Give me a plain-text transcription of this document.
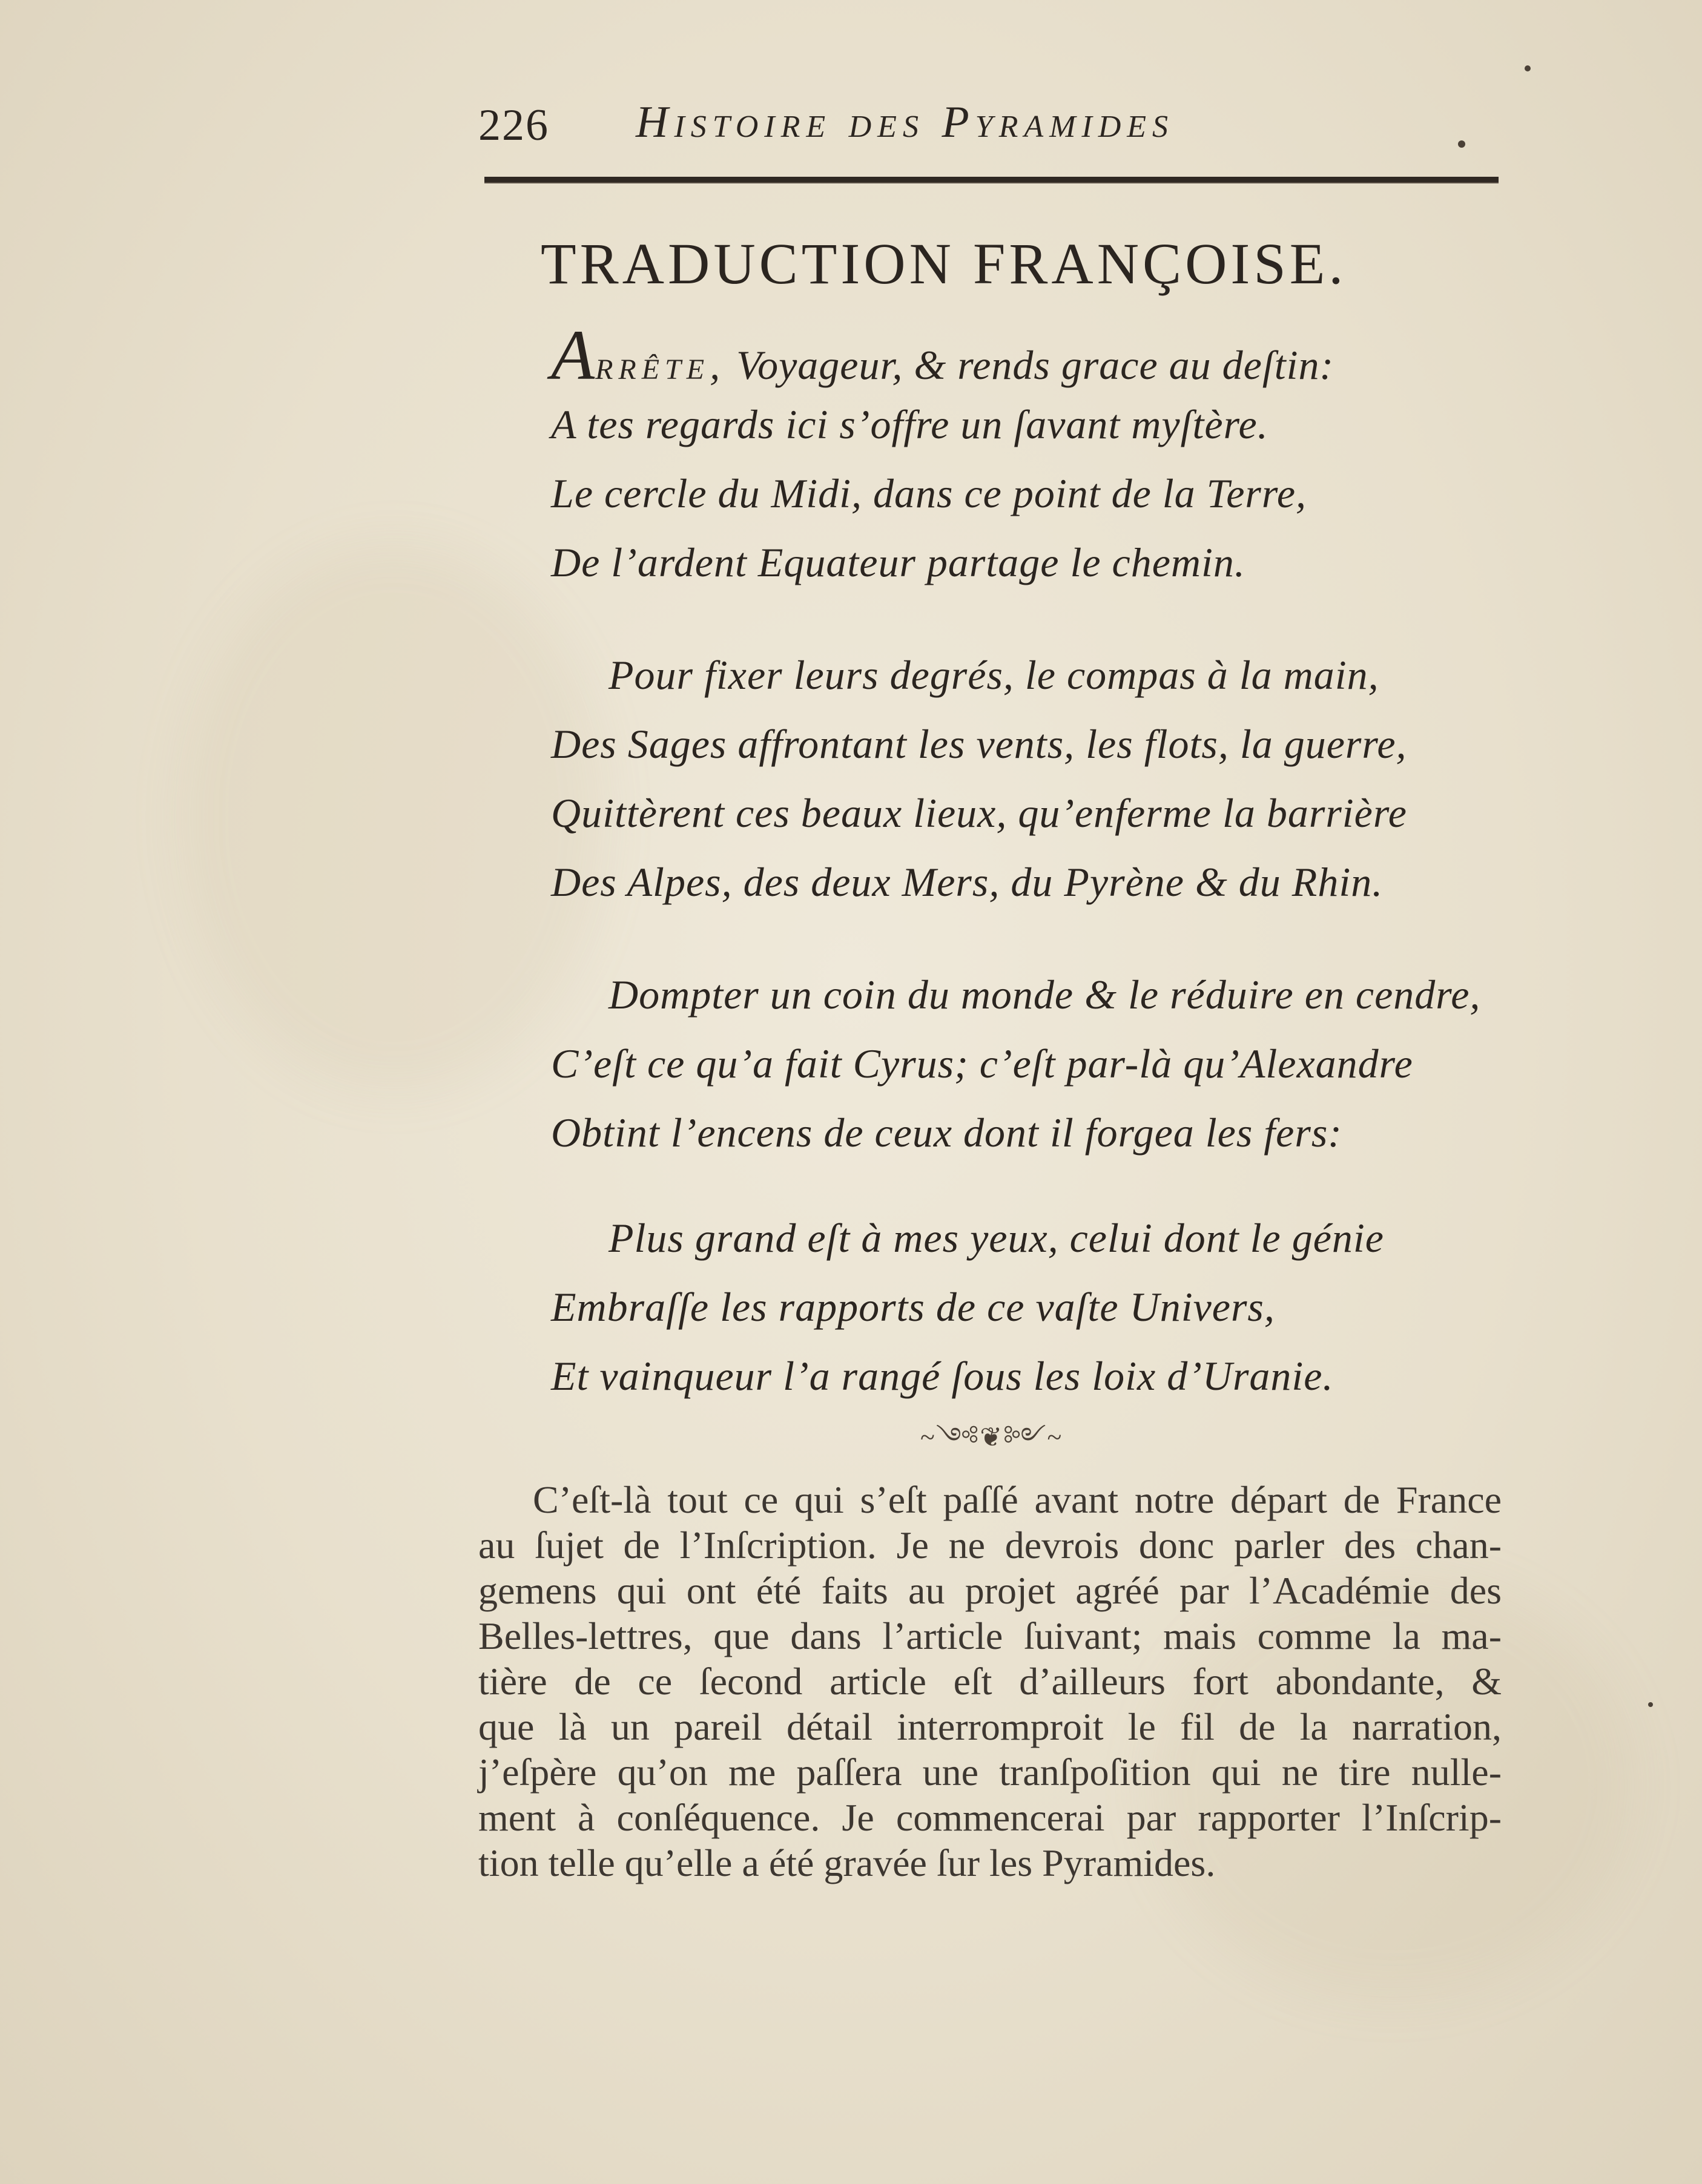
226 Histoire des Pyramides
TRADUCTION FRANÇOISE.
Arrête, Voyageur, & rends grace au deſtin:
A tes regards ici s’offre un ſavant myſtère.
Le cercle du Midi, dans ce point de la Terre,
De l’ardent Equateur partage le chemin.
Pour fixer leurs degrés, le compas à la main,
Des Sages affrontant les vents, les flots, la guerre,
Quittèrent ces beaux lieux, qu’enferme la barrière
Des Alpes, des deux Mers, du Pyrène & du Rhin.
Dompter un coin du monde & le réduire en cendre,
C’eſt ce qu’a fait Cyrus; c’eſt par-là qu’Alexandre
Obtint l’encens de ceux dont il forgea les fers:
Plus grand eſt à mes yeux, celui dont le génie
Embraſſe les rapports de ce vaſte Univers,
Et vainqueur l’a rangé ſous les loix d’Uranie.
~༺❦༻~
C’eſt-là tout ce qui s’eſt paſſé avant notre départ de France
au ſujet de l’Inſcription. Je ne devrois donc parler des chan-
gemens qui ont été faits au projet agréé par l’Académie des
Belles-lettres, que dans l’article ſuivant; mais comme la ma-
tière de ce ſecond article eſt d’ailleurs fort abondante, &
que là un pareil détail interromproit le fil de la narration,
j’eſpère qu’on me paſſera une tranſpoſition qui ne tire nulle-
ment à conſéquence. Je commencerai par rapporter l’Inſcrip-
tion telle qu’elle a été gravée ſur les Pyramides.
